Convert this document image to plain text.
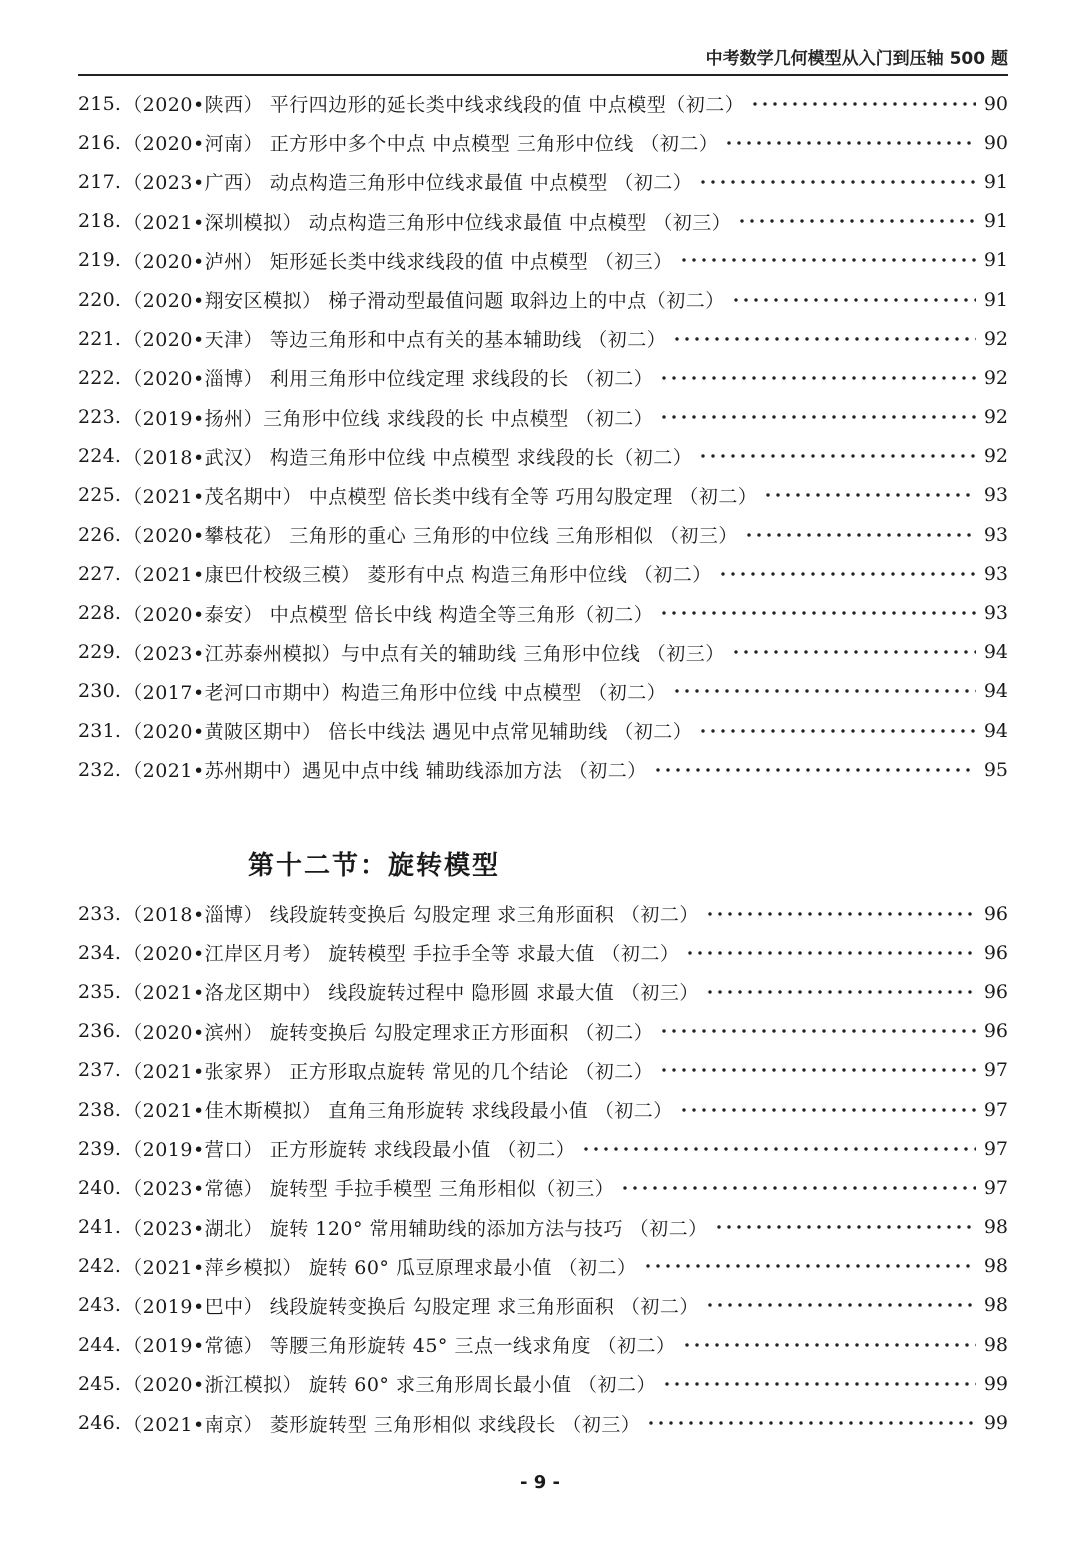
中考数学几何模型从入门到压轴 500 题
215. （2020•陕西） 平行四边形的延长类中线求线段的值 中点模型（初二）	90
216. （2020•河南） 正方形中多个中点 中点模型 三角形中位线 （初二）	90
217. （2023•广西） 动点构造三角形中位线求最值 中点模型 （初二）	91
218. （2021•深圳模拟） 动点构造三角形中位线求最值 中点模型 （初三）	91
219. （2020•泸州） 矩形延长类中线求线段的值 中点模型 （初三）	91
220. （2020•翔安区模拟） 梯子滑动型最值问题 取斜边上的中点（初二）	91
221. （2020•天津） 等边三角形和中点有关的基本辅助线 （初二）	92
222. （2020•淄博） 利用三角形中位线定理 求线段的长 （初二）	92
223. （2019•扬州）三角形中位线 求线段的长 中点模型 （初二）	92
224. （2018•武汉） 构造三角形中位线 中点模型 求线段的长（初二）	92
225. （2021•茂名期中） 中点模型 倍长类中线有全等 巧用勾股定理 （初二）	93
226. （2020•攀枝花） 三角形的重心 三角形的中位线 三角形相似 （初三）	93
227. （2021•康巴什校级三模） 菱形有中点 构造三角形中位线 （初二）	93
228. （2020•泰安） 中点模型 倍长中线 构造全等三角形（初二）	93
229. （2023•江苏泰州模拟）与中点有关的辅助线 三角形中位线 （初三）	94
230. （2017•老河口市期中）构造三角形中位线 中点模型 （初二）	94
231. （2020•黄陂区期中） 倍长中线法 遇见中点常见辅助线 （初二）	94
232. （2021•苏州期中）遇见中点中线 辅助线添加方法 （初二）	95
第十二节：旋转模型
233. （2018•淄博） 线段旋转变换后 勾股定理 求三角形面积 （初二）	96
234. （2020•江岸区月考） 旋转模型 手拉手全等 求最大值 （初二）	96
235. （2021•洛龙区期中） 线段旋转过程中 隐形圆 求最大值 （初三）	96
236. （2020•滨州） 旋转变换后 勾股定理求正方形面积 （初二）	96
237. （2021•张家界） 正方形取点旋转 常见的几个结论 （初二）	97
238. （2021•佳木斯模拟） 直角三角形旋转 求线段最小值 （初二）	97
239. （2019•营口） 正方形旋转 求线段最小值 （初二）	97
240. （2023•常德） 旋转型 手拉手模型 三角形相似（初三）	97
241. （2023•湖北） 旋转 120° 常用辅助线的添加方法与技巧 （初二）	98
242. （2021•萍乡模拟） 旋转 60° 瓜豆原理求最小值 （初二）	98
243. （2019•巴中） 线段旋转变换后 勾股定理 求三角形面积 （初二）	98
244. （2019•常德） 等腰三角形旋转 45° 三点一线求角度 （初二）	98
245. （2020•浙江模拟） 旋转 60° 求三角形周长最小值 （初二）	99
246. （2021•南京） 菱形旋转型 三角形相似 求线段长 （初三）	99
- 9 -
